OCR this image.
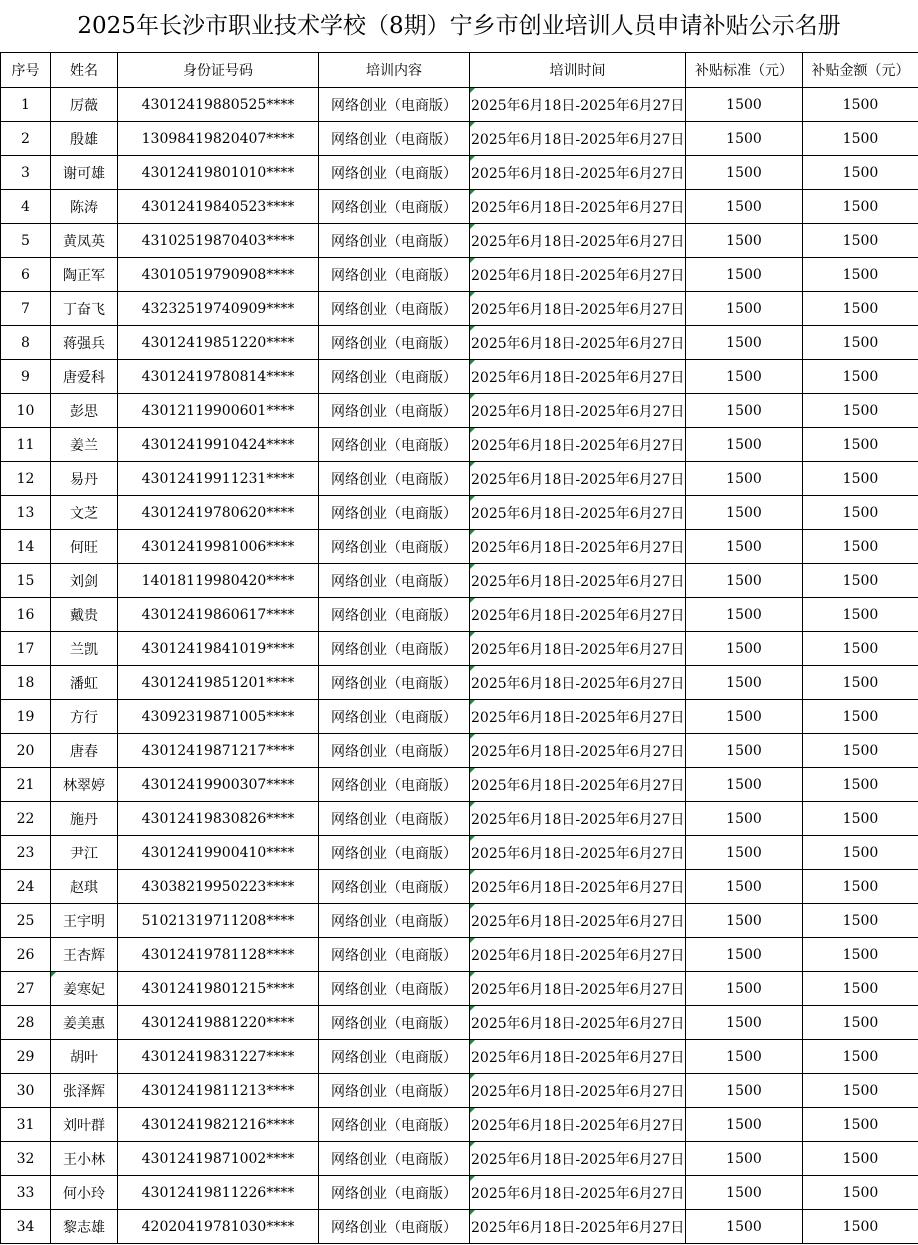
2025年长沙市职业技术学校（8期）宁乡市创业培训人员申请补贴公示名册
序号	姓名	身份证号码	培训内容	培训时间	补贴标准（元）	补贴金额（元）
1	厉薇	43012419880525****	网络创业（电商版）	2025年6月18日-2025年6月27日	1500	1500
2	殷雄	13098419820407****	网络创业（电商版）	2025年6月18日-2025年6月27日	1500	1500
3	谢可雄	43012419801010****	网络创业（电商版）	2025年6月18日-2025年6月27日	1500	1500
4	陈涛	43012419840523****	网络创业（电商版）	2025年6月18日-2025年6月27日	1500	1500
5	黄凤英	43102519870403****	网络创业（电商版）	2025年6月18日-2025年6月27日	1500	1500
6	陶正军	43010519790908****	网络创业（电商版）	2025年6月18日-2025年6月27日	1500	1500
7	丁奋飞	43232519740909****	网络创业（电商版）	2025年6月18日-2025年6月27日	1500	1500
8	蒋强兵	43012419851220****	网络创业（电商版）	2025年6月18日-2025年6月27日	1500	1500
9	唐爱科	43012419780814****	网络创业（电商版）	2025年6月18日-2025年6月27日	1500	1500
10	彭思	43012119900601****	网络创业（电商版）	2025年6月18日-2025年6月27日	1500	1500
11	姜兰	43012419910424****	网络创业（电商版）	2025年6月18日-2025年6月27日	1500	1500
12	易丹	43012419911231****	网络创业（电商版）	2025年6月18日-2025年6月27日	1500	1500
13	文芝	43012419780620****	网络创业（电商版）	2025年6月18日-2025年6月27日	1500	1500
14	何旺	43012419981006****	网络创业（电商版）	2025年6月18日-2025年6月27日	1500	1500
15	刘剑	14018119980420****	网络创业（电商版）	2025年6月18日-2025年6月27日	1500	1500
16	戴贵	43012419860617****	网络创业（电商版）	2025年6月18日-2025年6月27日	1500	1500
17	兰凯	43012419841019****	网络创业（电商版）	2025年6月18日-2025年6月27日	1500	1500
18	潘虹	43012419851201****	网络创业（电商版）	2025年6月18日-2025年6月27日	1500	1500
19	方行	43092319871005****	网络创业（电商版）	2025年6月18日-2025年6月27日	1500	1500
20	唐春	43012419871217****	网络创业（电商版）	2025年6月18日-2025年6月27日	1500	1500
21	林翠婷	43012419900307****	网络创业（电商版）	2025年6月18日-2025年6月27日	1500	1500
22	施丹	43012419830826****	网络创业（电商版）	2025年6月18日-2025年6月27日	1500	1500
23	尹江	43012419900410****	网络创业（电商版）	2025年6月18日-2025年6月27日	1500	1500
24	赵琪	43038219950223****	网络创业（电商版）	2025年6月18日-2025年6月27日	1500	1500
25	王宇明	51021319711208****	网络创业（电商版）	2025年6月18日-2025年6月27日	1500	1500
26	王杏辉	43012419781128****	网络创业（电商版）	2025年6月18日-2025年6月27日	1500	1500
27	姜寒妃	43012419801215****	网络创业（电商版）	2025年6月18日-2025年6月27日	1500	1500
28	姜美惠	43012419881220****	网络创业（电商版）	2025年6月18日-2025年6月27日	1500	1500
29	胡叶	43012419831227****	网络创业（电商版）	2025年6月18日-2025年6月27日	1500	1500
30	张泽辉	43012419811213****	网络创业（电商版）	2025年6月18日-2025年6月27日	1500	1500
31	刘叶群	43012419821216****	网络创业（电商版）	2025年6月18日-2025年6月27日	1500	1500
32	王小林	43012419871002****	网络创业（电商版）	2025年6月18日-2025年6月27日	1500	1500
33	何小玲	43012419811226****	网络创业（电商版）	2025年6月18日-2025年6月27日	1500	1500
34	黎志雄	42020419781030****	网络创业（电商版）	2025年6月18日-2025年6月27日	1500	1500
